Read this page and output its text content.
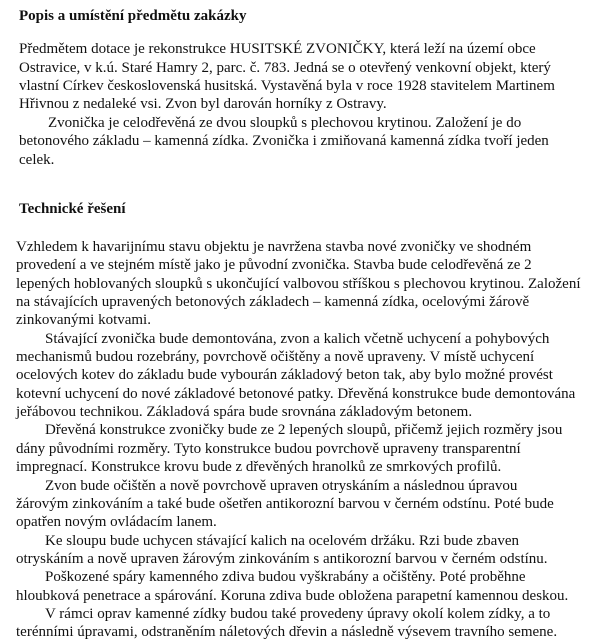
Popis a umístění předmětu zakázky
Předmětem dotace je rekonstrukce HUSITSKÉ ZVONIČKY, která leží na území obce
Ostravice, v k.ú. Staré Hamry 2, parc. č. 783. Jedná se o otevřený venkovní objekt, který
vlastní Církev československá husitská. Vystavěná byla v roce 1928 stavitelem Martinem
Hřivnou z nedaleké vsi. Zvon byl darován horníky z Ostravy.
Zvonička je celodřevěná ze dvou sloupků s plechovou krytinou. Založení je do
betonového základu – kamenná zídka. Zvonička i zmiňovaná kamenná zídka tvoří jeden
celek.
Technické řešení
Vzhledem k havarijnímu stavu objektu je navržena stavba nové zvoničky ve shodném
provedení a ve stejném místě jako je původní zvonička. Stavba bude celodřevěná ze 2
lepených hoblovaných sloupků s ukončující valbovou stříškou s plechovou krytinou. Založení
na stávajících upravených betonových základech – kamenná zídka, ocelovými žárově
zinkovanými kotvami.
Stávající zvonička bude demontována, zvon a kalich včetně uchycení a pohybových
mechanismů budou rozebrány, povrchově očištěny a nově upraveny. V místě uchycení
ocelových kotev do základu bude vybourán základový beton tak, aby bylo možné provést
kotevní uchycení do nové základové betonové patky. Dřevěná konstrukce bude demontována
jeřábovou technikou. Základová spára bude srovnána základovým betonem.
Dřevěná konstrukce zvoničky bude ze 2 lepených sloupů, přičemž jejich rozměry jsou
dány původními rozměry. Tyto konstrukce budou povrchově upraveny transparentní
impregnací. Konstrukce krovu bude z dřevěných hranolků ze smrkových profilů.
Zvon bude očištěn a nově povrchově upraven otryskáním a následnou úpravou
žárovým zinkováním a také bude ošetřen antikorozní barvou v černém odstínu. Poté bude
opatřen novým ovládacím lanem.
Ke sloupu bude uchycen stávající kalich na ocelovém držáku. Rzi bude zbaven
otryskáním a nově upraven žárovým zinkováním s antikorozní barvou v černém odstínu.
Poškozené spáry kamenného zdiva budou vyškrabány a očištěny. Poté proběhne
hloubková penetrace a spárování. Koruna zdiva bude obložena parapetní kamennou deskou.
V rámci oprav kamenné zídky budou také provedeny úpravy okolí kolem zídky, a to
terénními úpravami, odstraněním náletových dřevin a následně výsevem travního semene.
